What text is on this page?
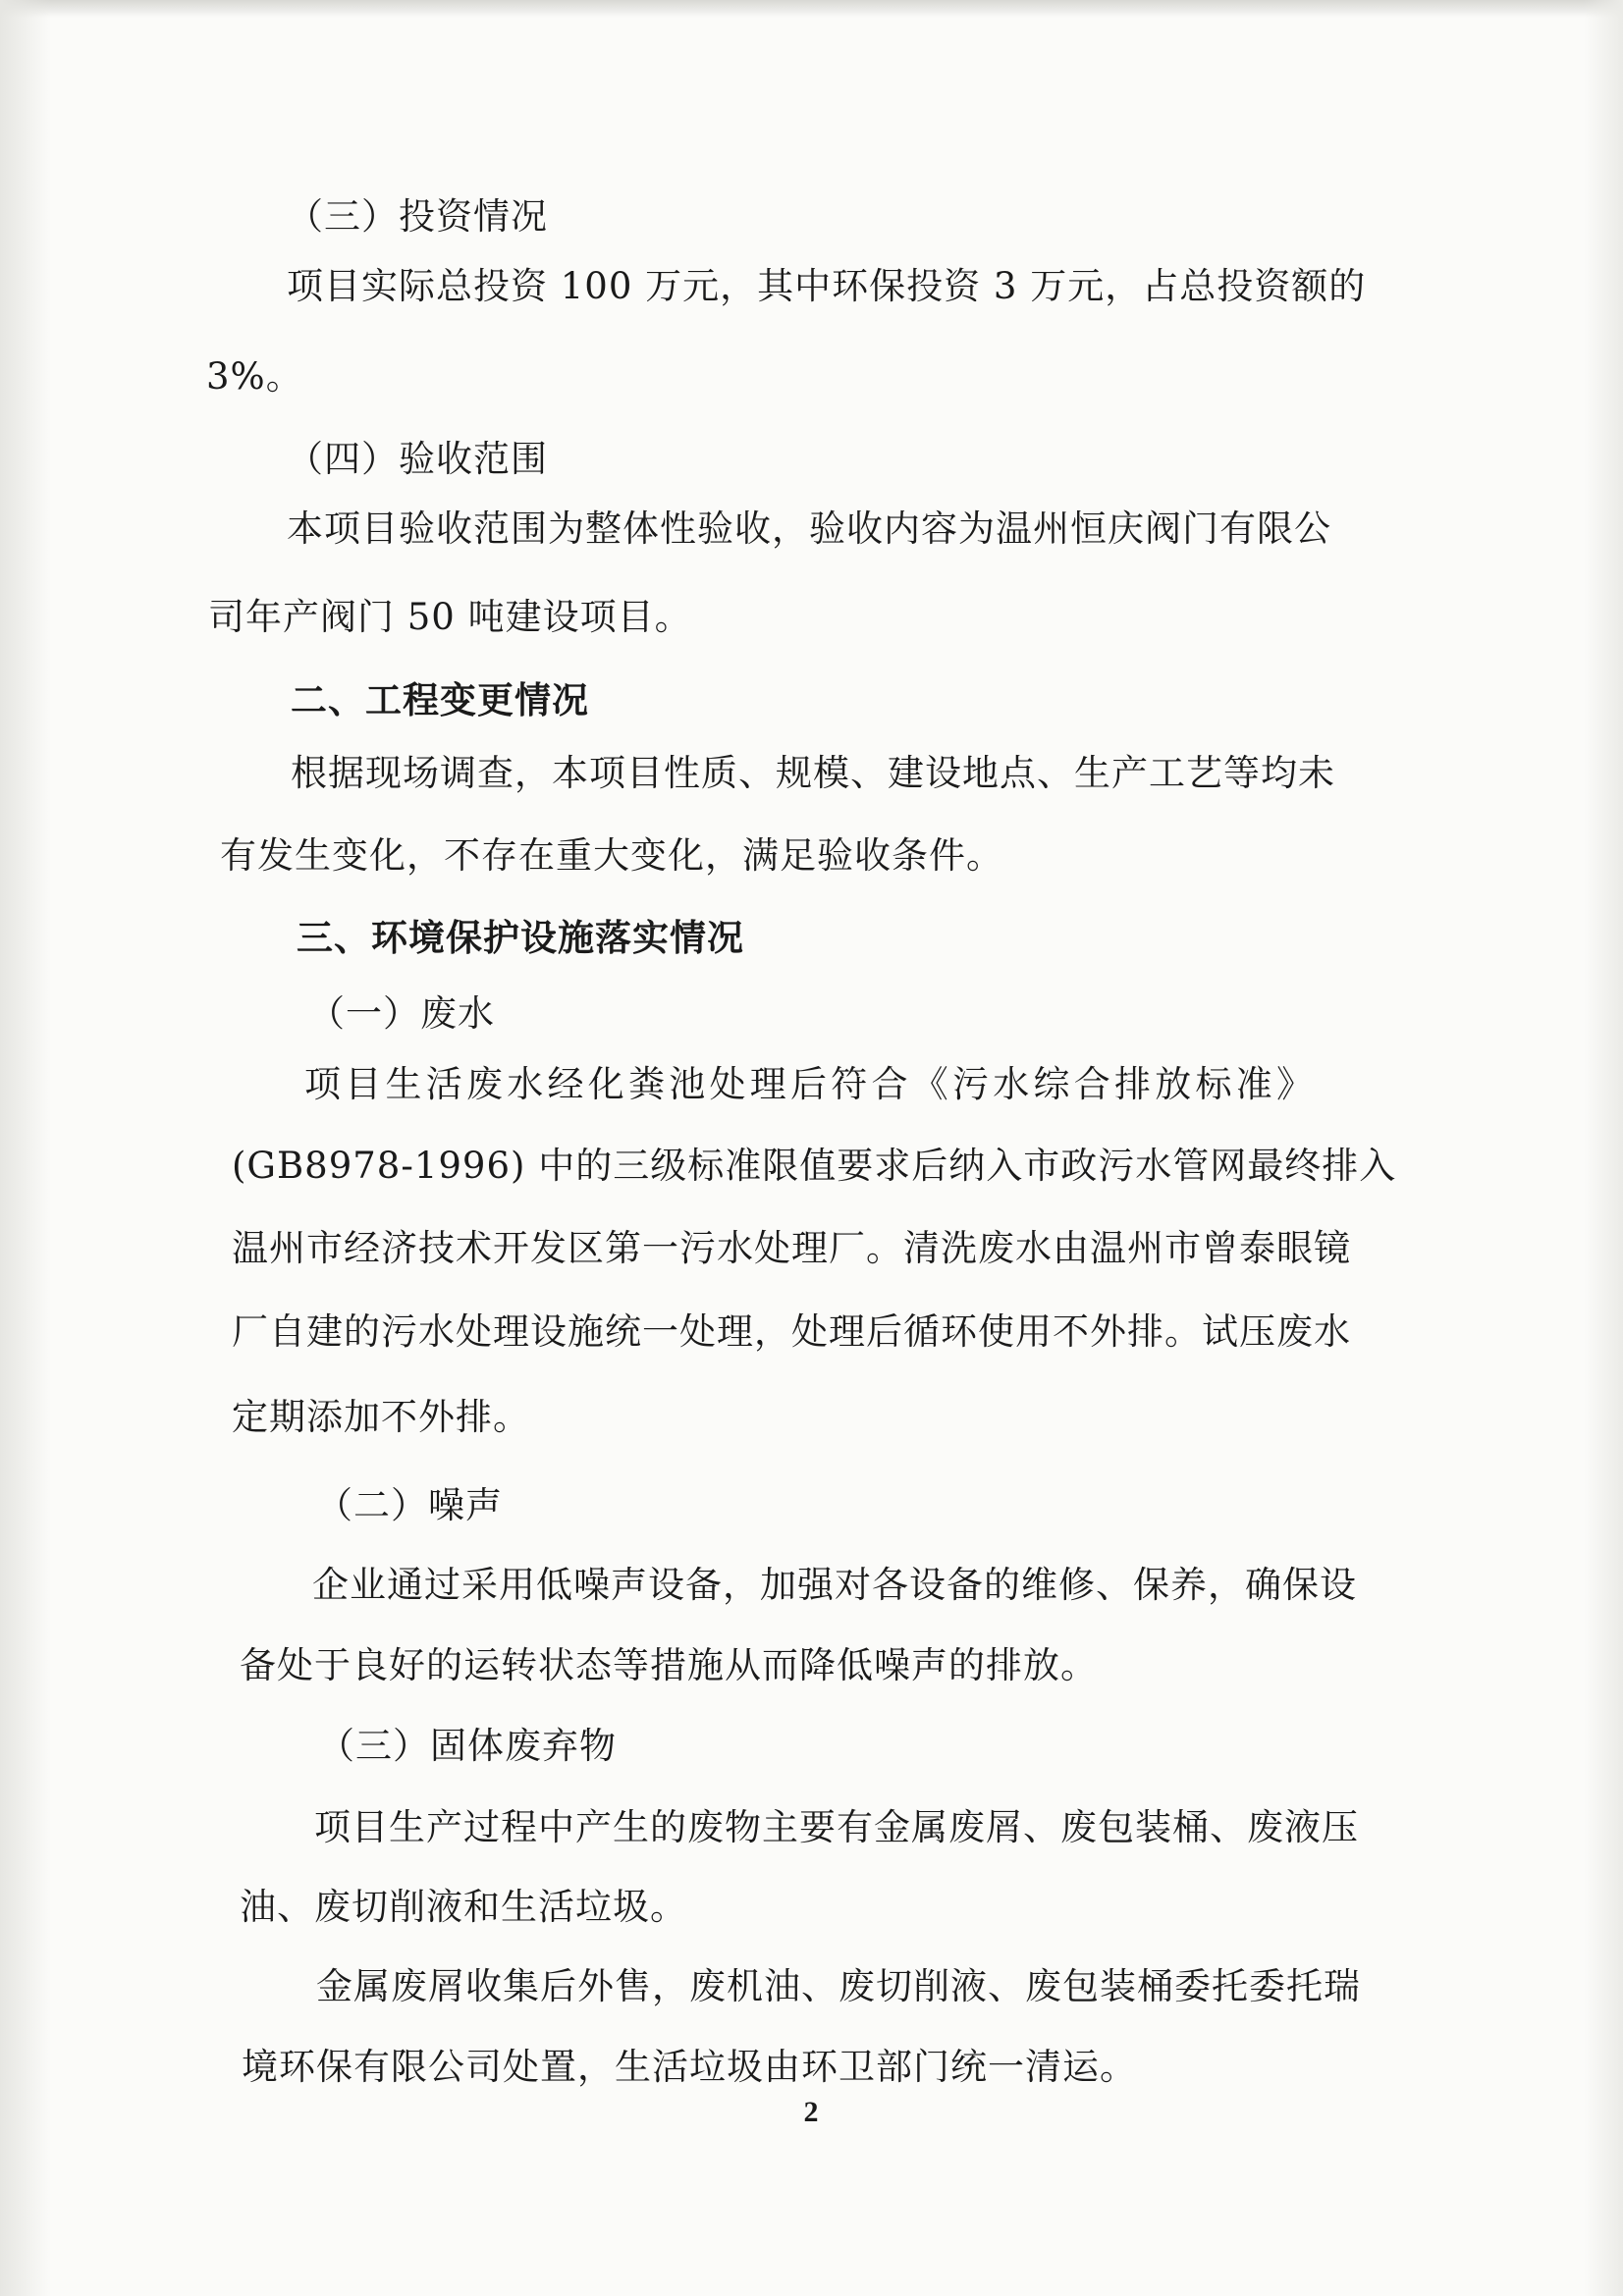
（三）投资情况
项目实际总投资 100 万元，其中环保投资 3 万元，占总投资额的
3%。
（四）验收范围
本项目验收范围为整体性验收，验收内容为温州恒庆阀门有限公
司年产阀门 50 吨建设项目。
二、工程变更情况
根据现场调查，本项目性质、规模、建设地点、生产工艺等均未
有发生变化，不存在重大变化，满足验收条件。
三、环境保护设施落实情况
（一）废水
项目生活废水经化粪池处理后符合《污水综合排放标准》
(GB8978-1996) 中的三级标准限值要求后纳入市政污水管网最终排入
温州市经济技术开发区第一污水处理厂。清洗废水由温州市曾泰眼镜
厂自建的污水处理设施统一处理，处理后循环使用不外排。试压废水
定期添加不外排。
（二）噪声
企业通过采用低噪声设备，加强对各设备的维修、保养，确保设
备处于良好的运转状态等措施从而降低噪声的排放。
（三）固体废弃物
项目生产过程中产生的废物主要有金属废屑、废包装桶、废液压
油、废切削液和生活垃圾。
金属废屑收集后外售，废机油、废切削液、废包装桶委托委托瑞
境环保有限公司处置，生活垃圾由环卫部门统一清运。
2
